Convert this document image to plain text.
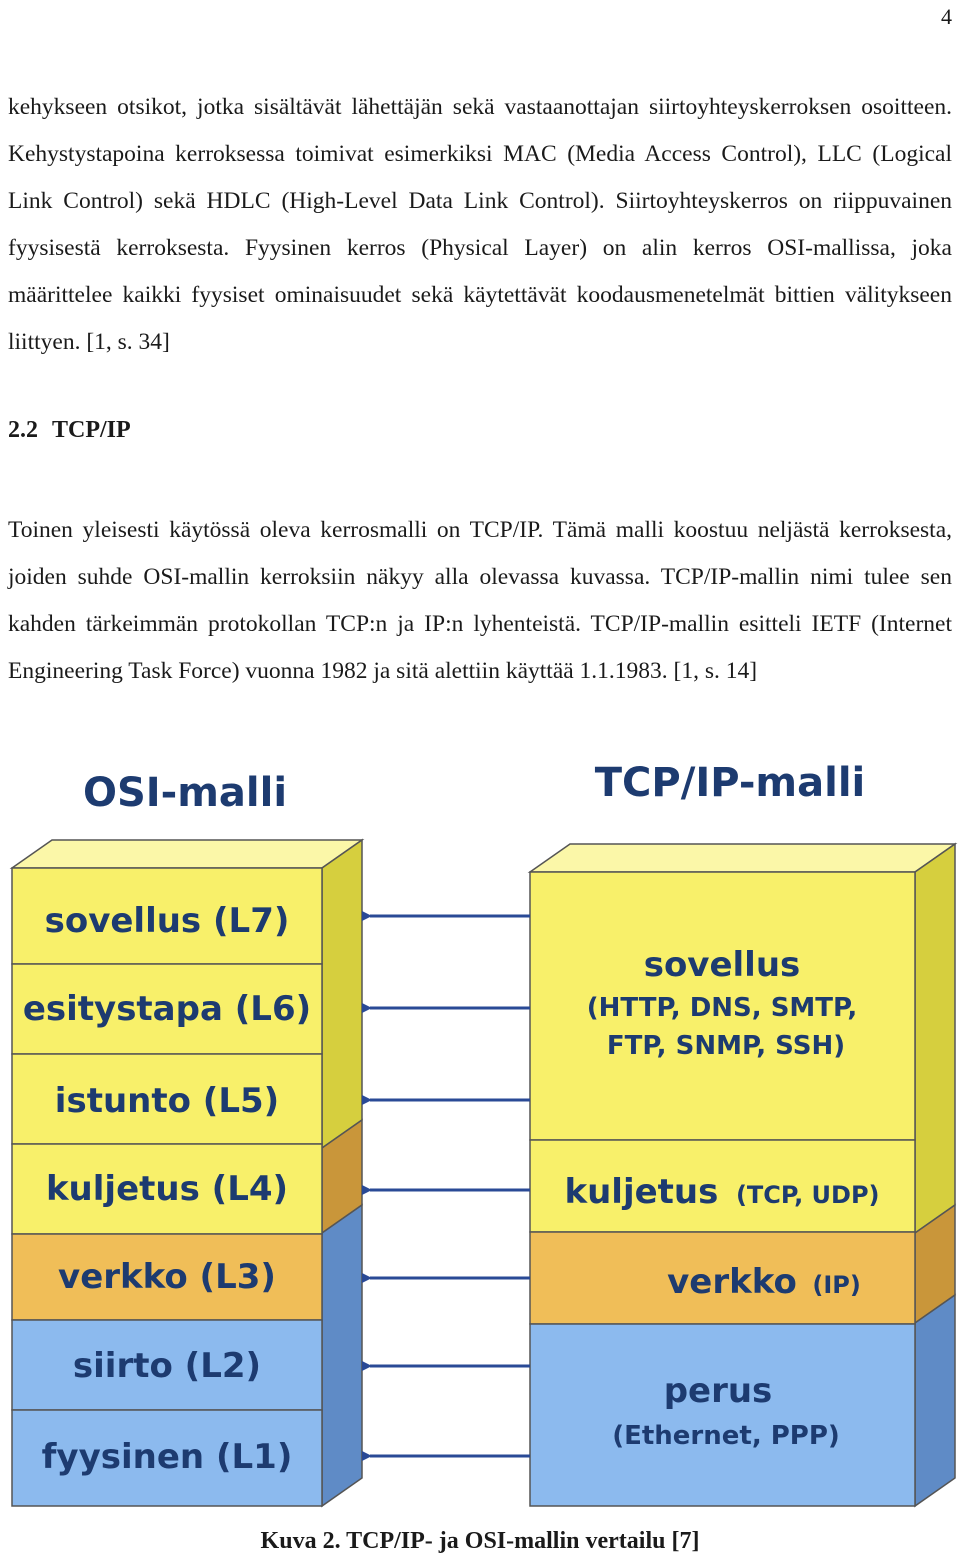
4

kehykseen otsikot, jotka sisältävät lähettäjän sekä vastaanottajan siirtoyhteyskerroksen osoitteen. Kehystystapoina kerroksessa toimivat esimerkiksi MAC (Media Access Control), LLC (Logical Link Control) sekä HDLC (High-Level Data Link Control). Siirtoyhteyskerros on riippuvainen fyysisestä kerroksesta. Fyysinen kerros (Physical Layer) on alin kerros OSI-mallissa, joka määrittelee kaikki fyysiset ominaisuudet sekä käytettävät koodausmenetelmät bittien välitykseen liittyen. [1, s. 34]

2.2 TCP/IP

Toinen yleisesti käytössä oleva kerrosmalli on TCP/IP. Tämä malli koostuu neljästä kerroksesta, joiden suhde OSI-mallin kerroksiin näkyy alla olevassa kuvassa. TCP/IP-mallin nimi tulee sen kahden tärkeimmän protokollan TCP:n ja IP:n lyhenteistä. TCP/IP-mallin esitteli IETF (Internet Engineering Task Force) vuonna 1982 ja sitä alettiin käyttää 1.1.1983. [1, s. 14]

OSI-malli	TCP/IP-malli
sovellus (L7)
esitystapa (L6)
istunto (L5)
kuljetus (L4)
verkko (L3)
siirto (L2)
fyysinen (L1)
sovellus
(HTTP, DNS, SMTP,
FTP, SNMP, SSH)
kuljetus (TCP, UDP)
verkko (IP)
perus
(Ethernet, PPP)

Kuva 2. TCP/IP- ja OSI-mallin vertailu [7]
